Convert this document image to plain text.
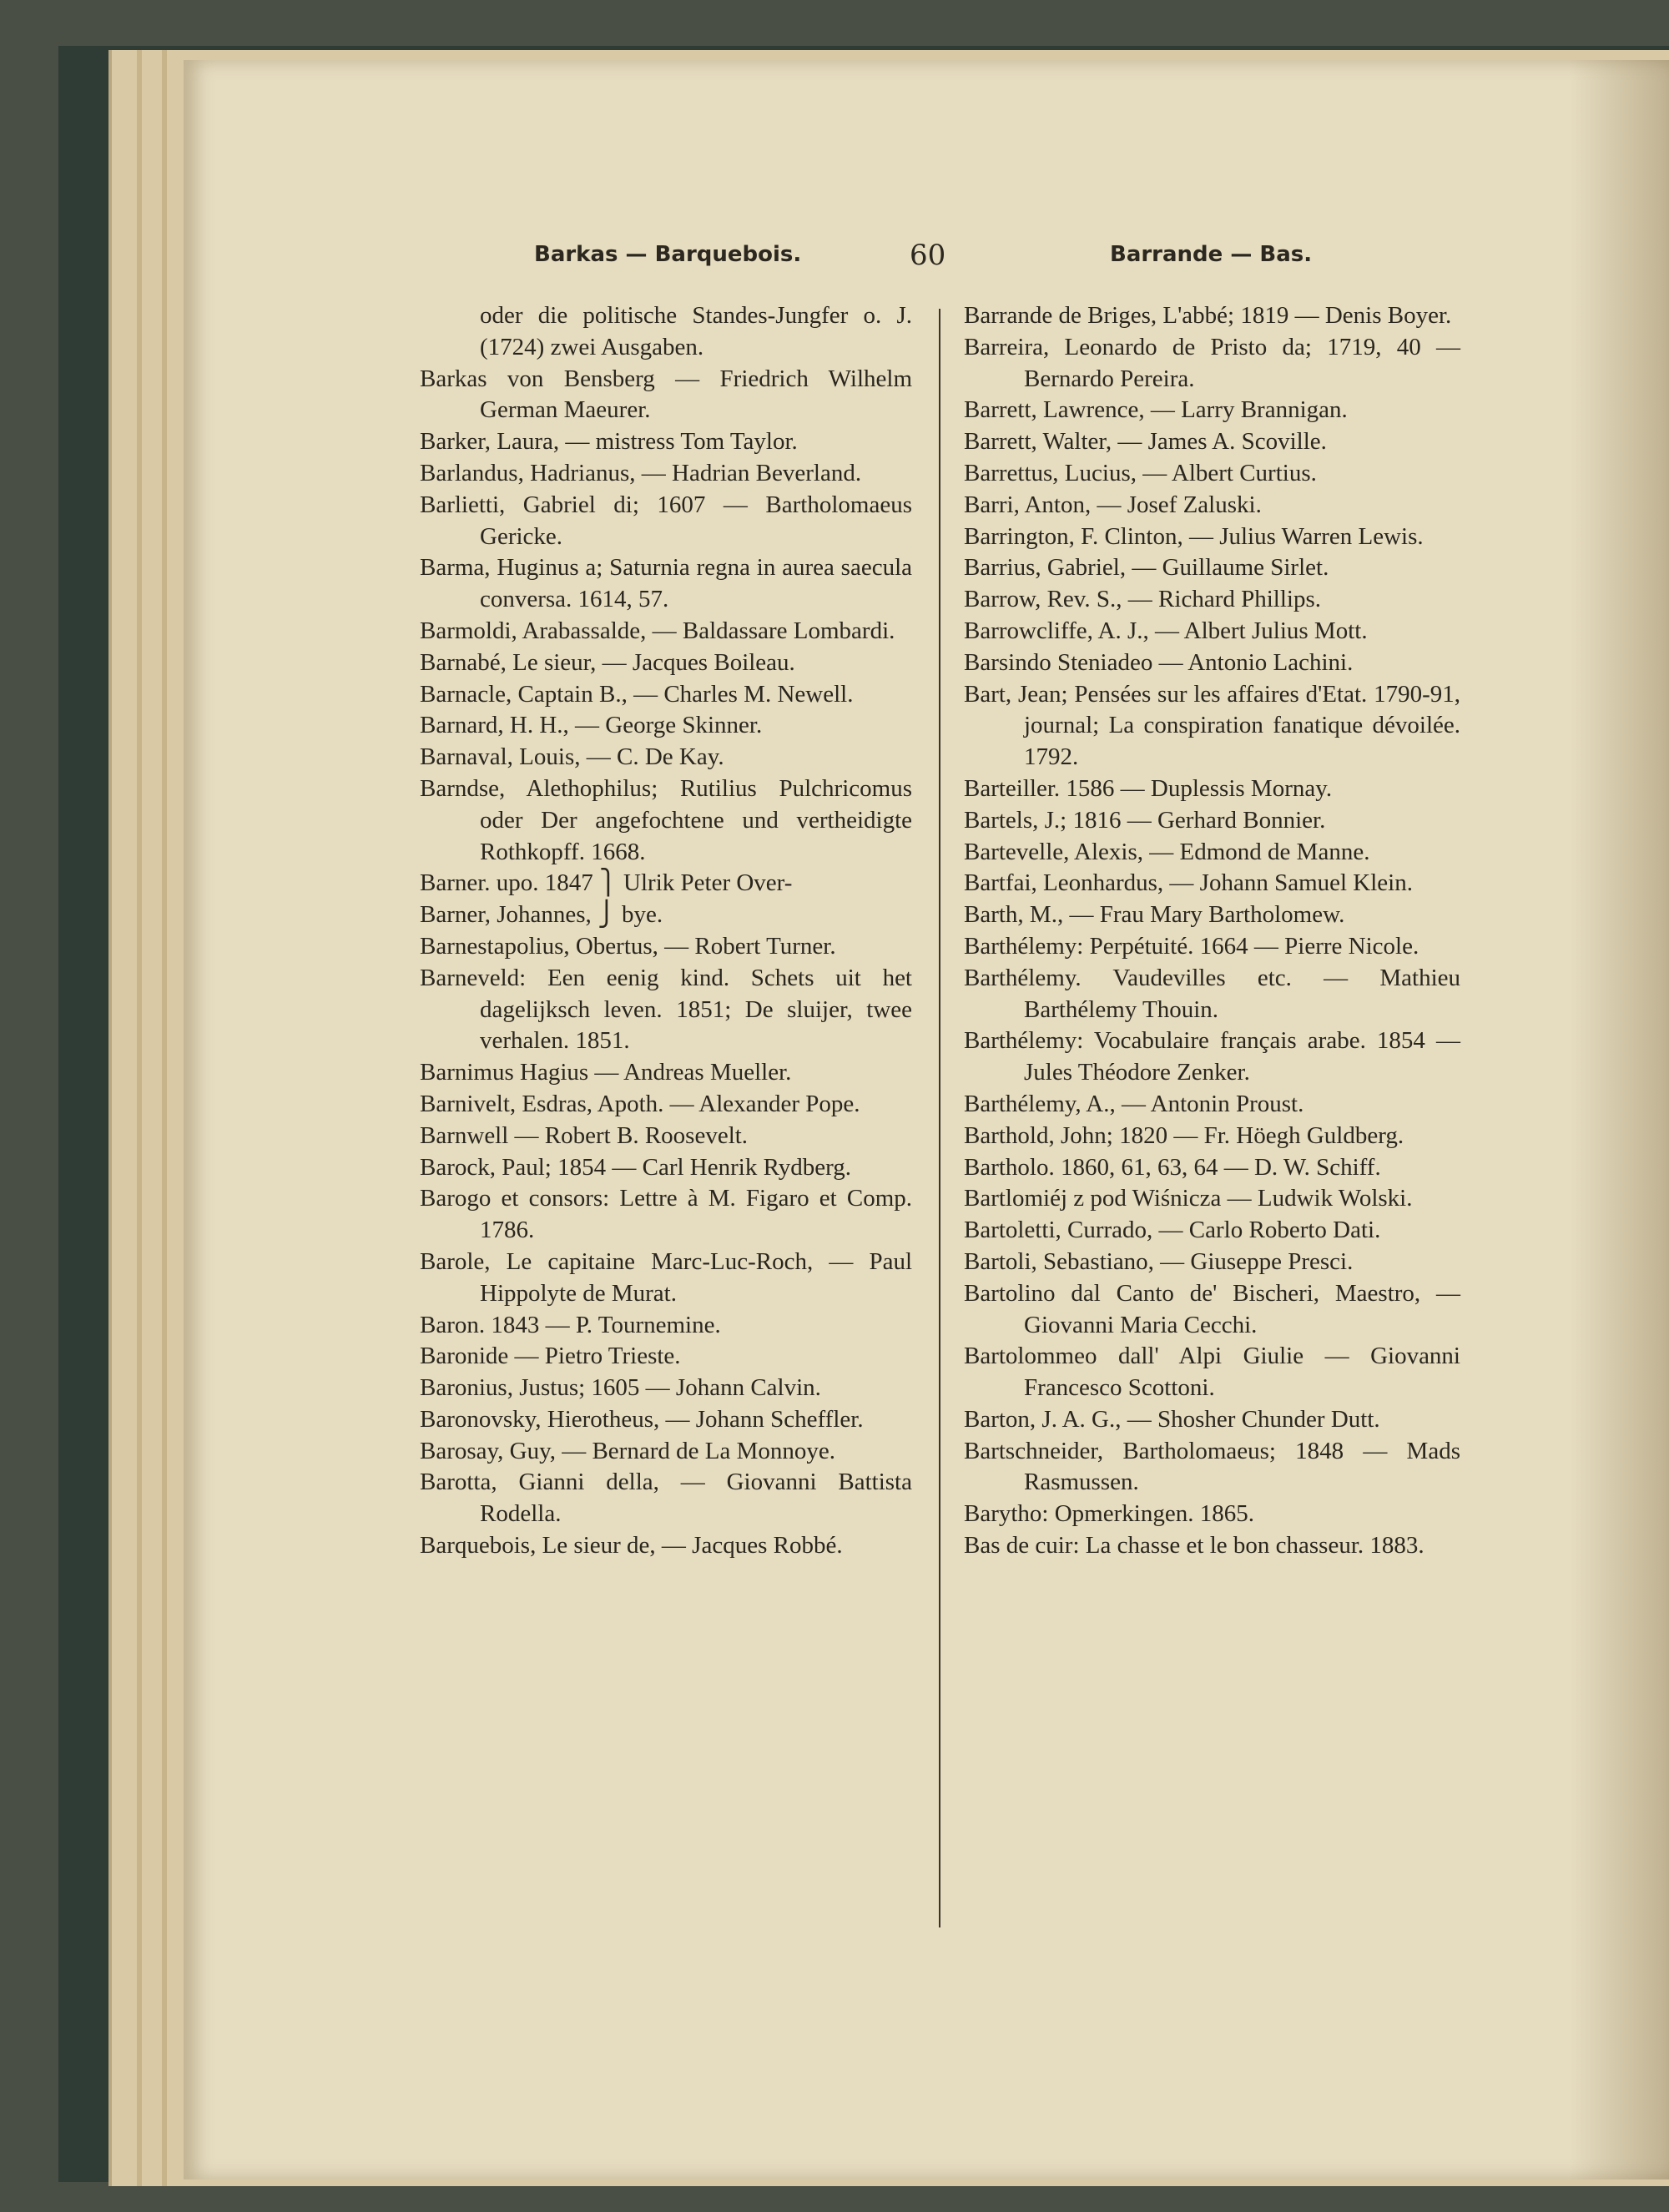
Barkas — Barquebois.	60	Barrande — Bas.

oder die politische Standes-Jungfer o. J. (1724) zwei Ausgaben.

Barkas von Bensberg — Friedrich Wilhelm German Maeurer.

Barker, Laura, — mistress Tom Taylor.

Barlandus, Hadrianus, — Hadrian Beverland.

Barlietti, Gabriel di; 1607 — Bartholomaeus Gericke.

Barma, Huginus a; Saturnia regna in aurea saecula conversa. 1614, 57.

Barmoldi, Arabassalde, — Baldassare Lombardi.

Barnabé, Le sieur, — Jacques Boileau.

Barnacle, Captain B., — Charles M. Newell.

Barnard, H. H., — George Skinner.

Barnaval, Louis, — C. De Kay.

Barndse, Alethophilus; Rutilius Pulchricomus oder Der angefochtene und vertheidigte Rothkopff. 1668.

Barner. upo. 1847 ⎫ Ulrik Peter Over-

Barner, Johannes, ⎭ bye.

Barnestapolius, Obertus, — Robert Turner.

Barneveld: Een eenig kind. Schets uit het dagelijksch leven. 1851; De sluijer, twee verhalen. 1851.

Barnimus Hagius — Andreas Mueller.

Barnivelt, Esdras, Apoth. — Alexander Pope.

Barnwell — Robert B. Roosevelt.

Barock, Paul; 1854 — Carl Henrik Rydberg.

Barogo et consors: Lettre à M. Figaro et Comp. 1786.

Barole, Le capitaine Marc-Luc-Roch, — Paul Hippolyte de Murat.

Baron. 1843 — P. Tournemine.

Baronide — Pietro Trieste.

Baronius, Justus; 1605 — Johann Calvin.

Baronovsky, Hierotheus, — Johann Scheffler.

Barosay, Guy, — Bernard de La Monnoye.

Barotta, Gianni della, — Giovanni Battista Rodella.

Barquebois, Le sieur de, — Jacques Robbé.

Barrande de Briges, L'abbé; 1819 — Denis Boyer.

Barreira, Leonardo de Pristo da; 1719, 40 — Bernardo Pereira.

Barrett, Lawrence, — Larry Brannigan.

Barrett, Walter, — James A. Scoville.

Barrettus, Lucius, — Albert Curtius.

Barri, Anton, — Josef Zaluski.

Barrington, F. Clinton, — Julius Warren Lewis.

Barrius, Gabriel, — Guillaume Sirlet.

Barrow, Rev. S., — Richard Phillips.

Barrowcliffe, A. J., — Albert Julius Mott.

Barsindo Steniadeo — Antonio Lachini.

Bart, Jean; Pensées sur les affaires d'Etat. 1790-91, journal; La conspiration fanatique dévoilée. 1792.

Barteiller. 1586 — Duplessis Mornay.

Bartels, J.; 1816 — Gerhard Bonnier.

Bartevelle, Alexis, — Edmond de Manne.

Bartfai, Leonhardus, — Johann Samuel Klein.

Barth, M., — Frau Mary Bartholomew.

Barthélemy: Perpétuité. 1664 — Pierre Nicole.

Barthélemy. Vaudevilles etc. — Mathieu Barthélemy Thouin.

Barthélemy: Vocabulaire français arabe. 1854 — Jules Théodore Zenker.

Barthélemy, A., — Antonin Proust.

Barthold, John; 1820 — Fr. Höegh Guldberg.

Bartholo. 1860, 61, 63, 64 — D. W. Schiff.

Bartlomiéj z pod Wiśnicza — Ludwik Wolski.

Bartoletti, Currado, — Carlo Roberto Dati.

Bartoli, Sebastiano, — Giuseppe Presci.

Bartolino dal Canto de' Bischeri, Maestro, — Giovanni Maria Cecchi.

Bartolommeo dall' Alpi Giulie — Giovanni Francesco Scottoni.

Barton, J. A. G., — Shosher Chunder Dutt.

Bartschneider, Bartholomaeus; 1848 — Mads Rasmussen.

Barytho: Opmerkingen. 1865.

Bas de cuir: La chasse et le bon chasseur. 1883.
